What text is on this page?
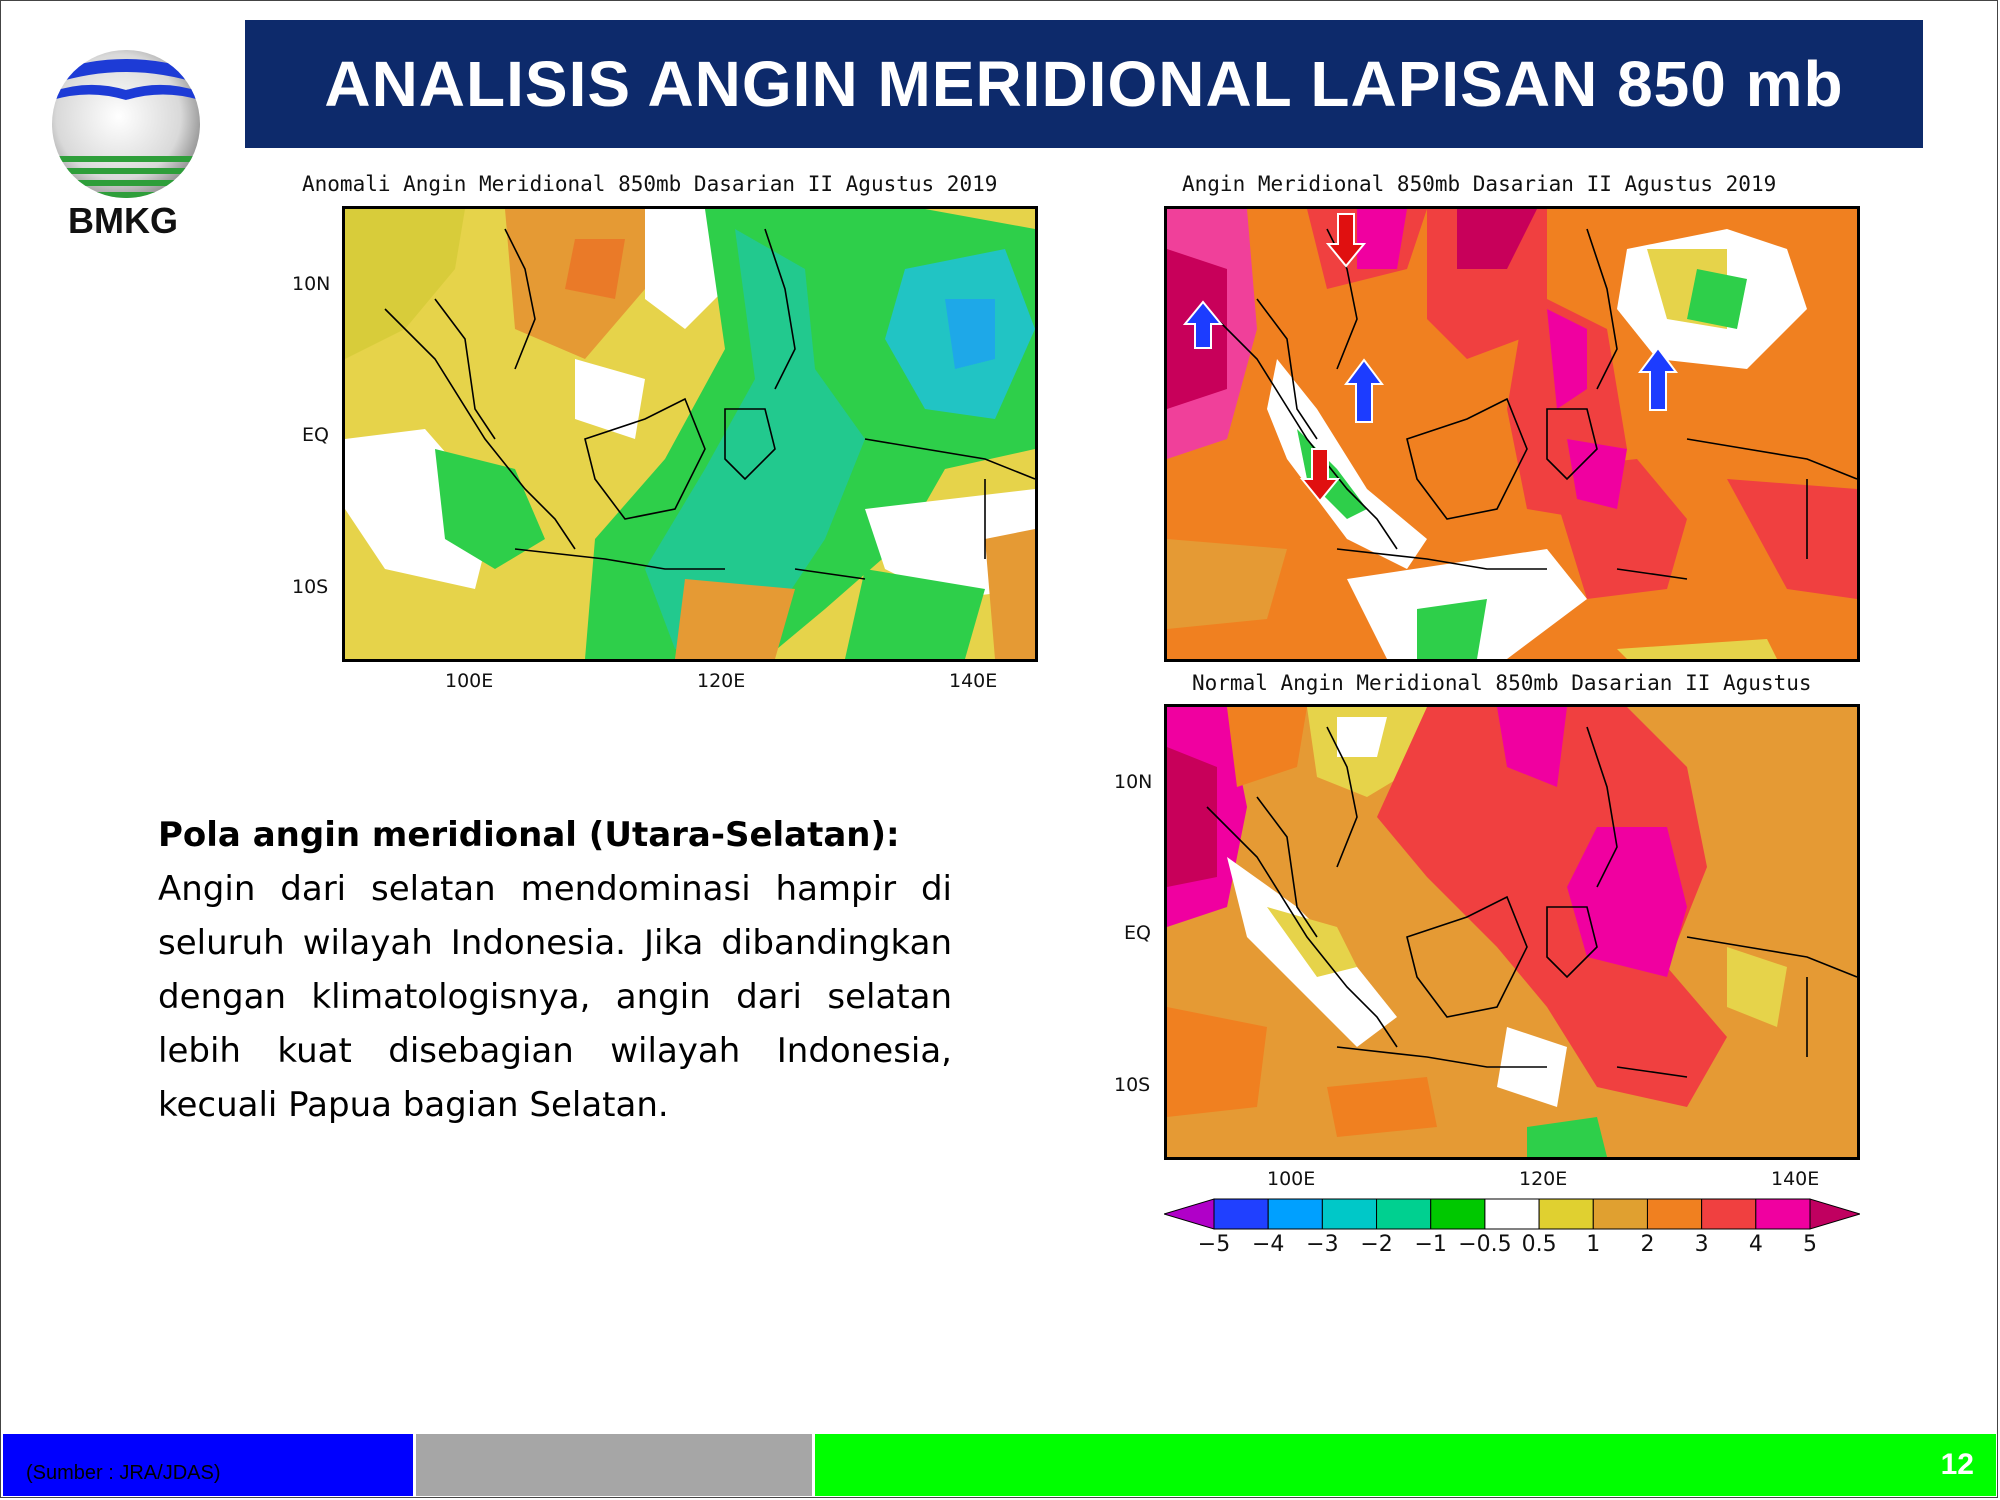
BMKG
ANALISIS ANGIN MERIDIONAL LAPISAN 850 mb
Anomali Angin Meridional 850mb Dasarian II Agustus 2019
10N
EQ
10S
100E	120E	140E
Angin Meridional 850mb Dasarian II Agustus 2019
Normal Angin Meridional 850mb Dasarian II Agustus
10N
EQ
10S
100E	120E	140E
−5 −4 −3 −2 −1 −0.5 0.5 1 2 3 4 5
Pola angin meridional (Utara-Selatan):
Angin dari selatan mendominasi hampir di seluruh wilayah Indonesia. Jika dibandingkan dengan klimatologisnya, angin dari selatan lebih kuat disebagian wilayah Indonesia, kecuali Papua bagian Selatan.
(Sumber : JRA/JDAS)	12
